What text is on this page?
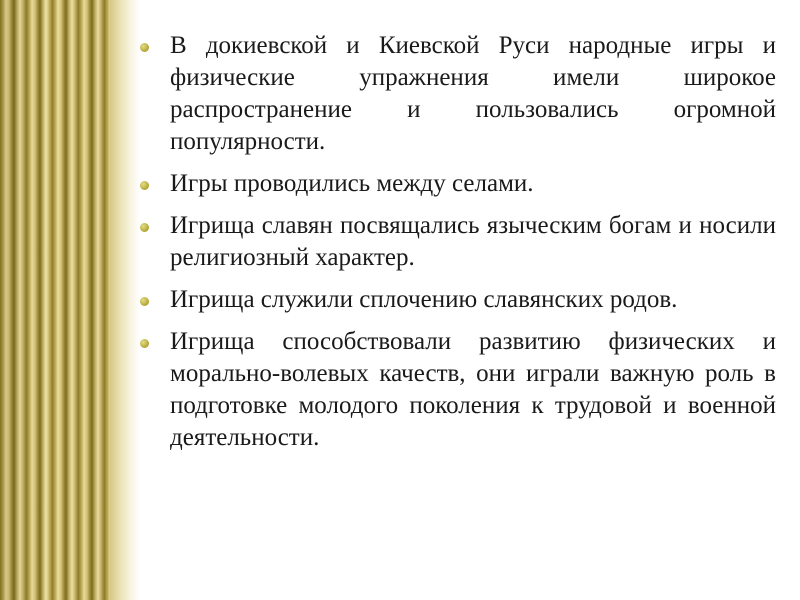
В докиевской и Киевской Руси народные игры и физические упражнения имели широкое распространение и пользовались огромной популярности.
Игры проводились между селами.
Игрища славян посвящались языческим богам и носили религиозный характер.
Игрища служили сплочению славянских родов.
Игрища способствовали развитию физических и морально-волевых качеств, они играли важную роль в подготовке молодого поколения к трудовой и военной деятельности.
